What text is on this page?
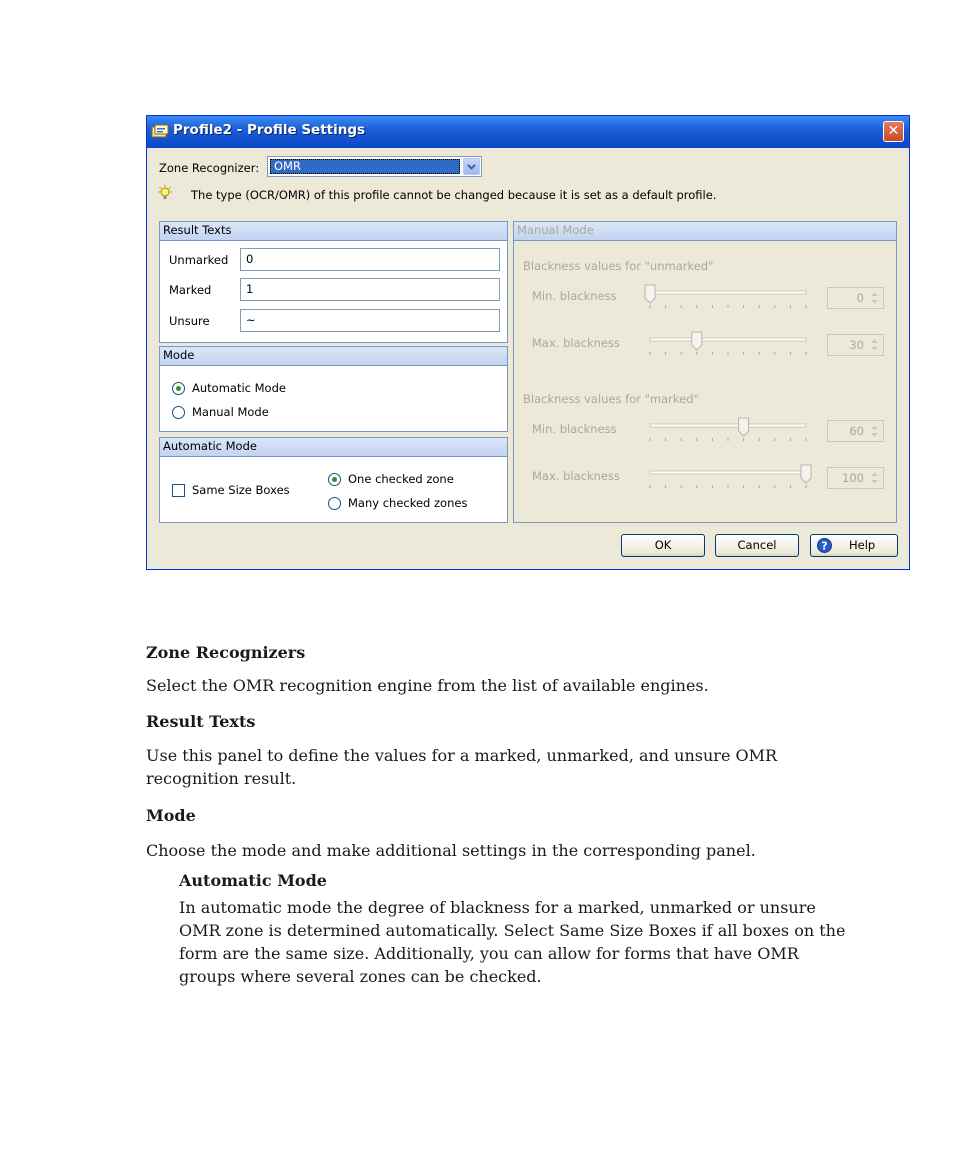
Profile2 - Profile Settings	✕
Zone Recognizer:	OMR
The type (OCR/OMR) of this profile cannot be changed because it is set as a default profile.
Result Texts
Unmarked	0
Marked	1
Unsure	~
Mode
Automatic Mode
Manual Mode
Automatic Mode
Same Size Boxes
One checked zone
Many checked zones
Manual Mode
Blackness values for "unmarked"
Min. blackness	0
Max. blackness	30
Blackness values for "marked"
Min. blackness	60
Max. blackness	100
OK	Cancel	? Help
Zone Recognizers
Select the OMR recognition engine from the list of available engines.
Result Texts
Use this panel to define the values for a marked, unmarked, and unsure OMR
recognition result.
Mode
Choose the mode and make additional settings in the corresponding panel.
Automatic Mode
In automatic mode the degree of blackness for a marked, unmarked or unsure
OMR zone is determined automatically. Select Same Size Boxes if all boxes on the
form are the same size. Additionally, you can allow for forms that have OMR
groups where several zones can be checked.
